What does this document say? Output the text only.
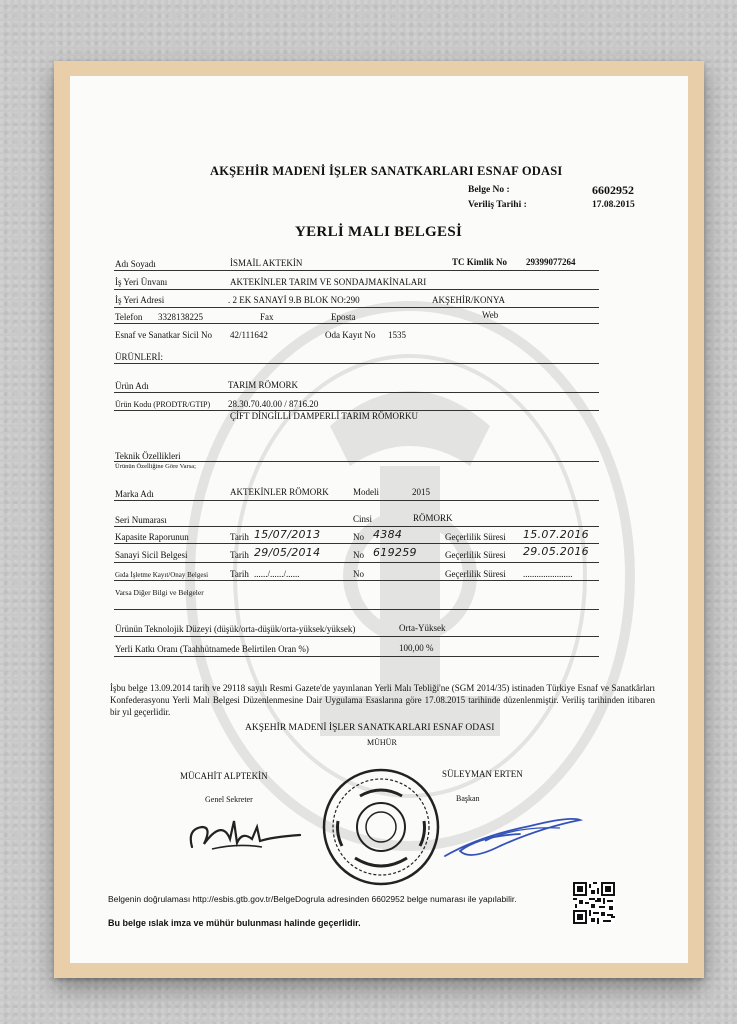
AKŞEHİR MADENİ İŞLER SANATKARLARI ESNAF ODASI
Belge No :	6602952
Veriliş Tarihi :	17.08.2015
YERLİ MALI BELGESİ
Adı Soyadı	İSMAİL AKTEKİN	TC Kimlik No 29399077264
İş Yeri Ünvanı	AKTEKİNLER TARIM VE SONDAJMAKİNALARI
İş Yeri Adresi	. 2 EK SANAYİ 9.B BLOK NO:290	AKŞEHİR/KONYA
Telefon 3328138225	Fax	Eposta	Web
Esnaf ve Sanatkar Sicil No 42/111642	Oda Kayıt No 1535
ÜRÜNLERİ:
Ürün Adı	TARIM RÖMORK
Ürün Kodu (PRODTR/GTIP) 28.30.70.40.00 / 8716.20
ÇİFT DİNGİLLİ DAMPERLİ TARIM RÖMORKU
Teknik Özellikleri
Ürünün Özelliğine Göre Varsa;
Marka Adı	AKTEKİNLER RÖMORK	Modeli	2015
Seri Numarası	Cinsi	RÖMORK
Kapasite Raporunun	Tarih 15/07/2013	No 4384	Geçerlilik Süresi 15.07.2016
Sanayi Sicil Belgesi	Tarih 29/05/2014	No 619259	Geçerlilik Süresi 29.05.2016
Gıda İşletme Kayıt/Onay Belgesi Tarih ....../....../......	No	Geçerlilik Süresi ......................
Varsa Diğer Bilgi ve Belgeler
Ürünün Teknolojik Düzeyi (düşük/orta-düşük/orta-yüksek/yüksek)	Orta-Yüksek
Yerli Katkı Oranı (Taahhütnamede Belirtilen Oran %)	100,00 %
İşbu belge 13.09.2014 tarih ve 29118 sayılı Resmi Gazete'de yayınlanan Yerli Malı Tebliği'ne (SGM 2014/35) istinaden Türkiye Esnaf ve Sanatkârları Konfederasyonu Yerli Malı Belgesi Düzenlenmesine Dair Uygulama Esaslarına göre 17.08.2015 tarihinde düzenlenmiştir. Veriliş tarihinden itibaren bir yıl geçerlidir.
AKŞEHİR MADENİ İŞLER SANATKARLARI ESNAF ODASI
MÜHÜR
MÜCAHİT ALPTEKİN
Genel Sekreter
SÜLEYMAN ERTEN
Başkan
Belgenin doğrulaması http://esbis.gtb.gov.tr/BelgeDogrula adresinden 6602952 belge numarası ile yapılabilir.
Bu belge ıslak imza ve mühür bulunması halinde geçerlidir.
